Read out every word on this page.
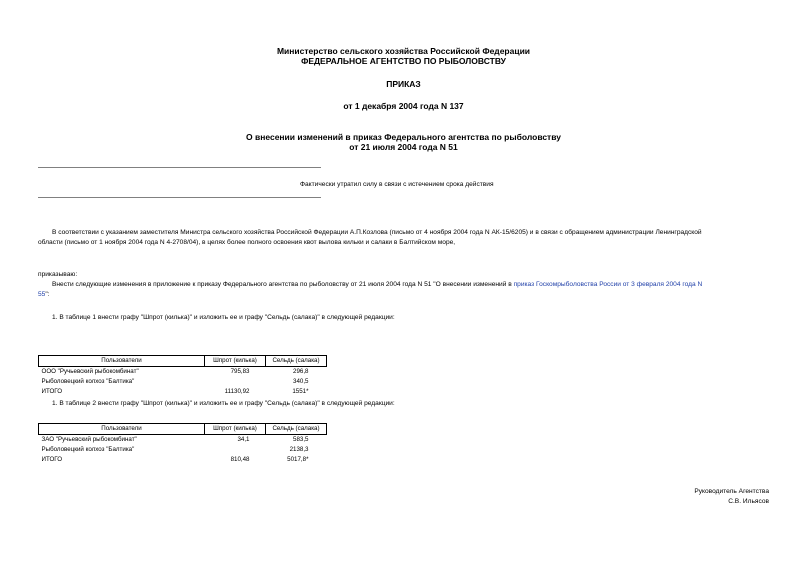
Министерство сельского хозяйства Российской Федерации
ФЕДЕРАЛЬНОЕ АГЕНТСТВО ПО РЫБОЛОВСТВУ
ПРИКАЗ
от 1 декабря 2004 года N 137
О внесении изменений в приказ Федерального агентства по рыболовству
от 21 июля 2004 года N 51
Фактически утратил силу в связи с истечением срока действия
В соответствии с указанием заместителя Министра сельского хозяйства Российской Федерации А.П.Козлова (письмо от 4 ноября 2004 года N АК-15/6205) и в связи с обращением администрации Ленинградской
области (письмо от 1 ноября 2004 года N 4-2708/04), в целях более полного освоения квот вылова кильки и салаки в Балтийском море,
приказываю:
Внести следующие изменения в приложение к приказу Федерального агентства по рыболовству от 21 июля 2004 года N 51 "О внесении изменений в приказ Госкомрыболовства России от 3 февраля 2004 года N
55":
1. В таблице 1 внести графу "Шпрот (килька)" и изложить ее и графу "Сельдь (салака)" в следующей редакции:
Пользователи	Шпрот (килька)	Сельдь (салака)
ООО "Ручьевский рыбокомбинат"	795,83	296,8
Рыболовецкий колхоз "Балтика"		340,5
ИТОГО	11130,92	1551*
1. В таблице 2 внести графу "Шпрот (килька)" и изложить ее и графу "Сельдь (салака)" в следующей редакции:
Пользователи	Шпрот (килька)	Сельдь (салака)
ЗАО "Ручьевский рыбокомбинат"	34,1	583,5
Рыболовецкий колхоз "Балтика"		2138,3
ИТОГО	810,48	5017,8*
Руководитель Агентства
С.В. Ильясов
